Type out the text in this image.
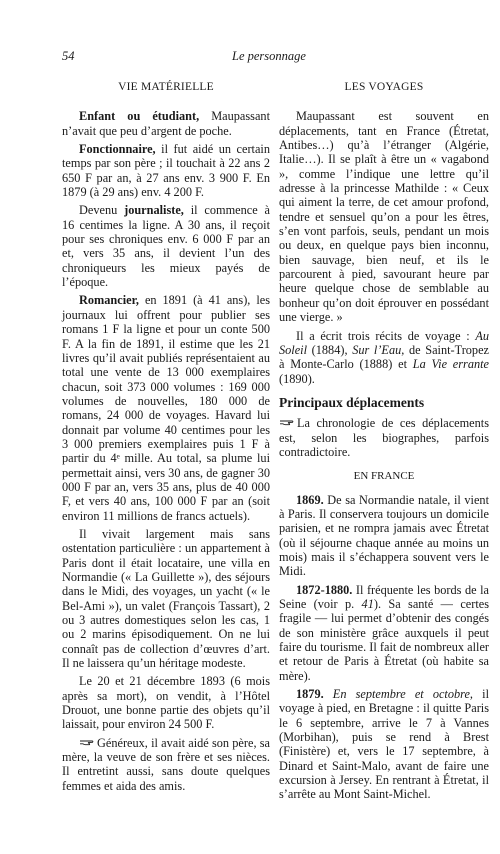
54	Le personnage
VIE MATÉRIELLE

Enfant ou étudiant, Maupassant n’avait que peu d’argent de poche.

Fonctionnaire, il fut aidé un certain temps par son père ; il touchait à 22 ans 2 650 F par an, à 27 ans env. 3 900 F. En 1879 (à 29 ans) env. 4 200 F.

Devenu journaliste, il commence à 16 centimes la ligne. A 30 ans, il reçoit pour ses chroniques env. 6 000 F par an et, vers 35 ans, il devient l’un des chroniqueurs les mieux payés de l’époque.

Romancier, en 1891 (à 41 ans), les journaux lui offrent pour publier ses romans 1 F la ligne et pour un conte 500 F. A la fin de 1891, il estime que les 21 livres qu’il avait publiés représentaient au total une vente de 13 000 exemplaires chacun, soit 373 000 volumes : 169 000 volumes de nouvelles, 180 000 de romans, 24 000 de voyages. Havard lui donnait par volume 40 centimes pour les 3 000 premiers exemplaires puis 1 F à partir du 4ᵉ mille. Au total, sa plume lui permettait ainsi, vers 30 ans, de gagner 30 000 F par an, vers 35 ans, plus de 40 000 F, et vers 40 ans, 100 000 F par an (soit environ 11 millions de francs actuels).

Il vivait largement mais sans ostentation particulière : un appartement à Paris dont il était locataire, une villa en Normandie (« La Guillette »), des séjours dans le Midi, des voyages, un yacht (« le Bel-Ami »), un valet (François Tassart), 2 ou 3 autres domestiques selon les cas, 1 ou 2 marins épisodiquement. On ne lui connaît pas de collection d’œuvres d’art. Il ne laissera qu’un héritage modeste.

Le 20 et 21 décembre 1893 (6 mois après sa mort), on vendit, à l’Hôtel Drouot, une bonne partie des objets qu’il laissait, pour environ 24 500 F.

Généreux, il avait aidé son père, sa mère, la veuve de son frère et ses nièces. Il entretint aussi, sans doute quelques femmes et aida des amis.

LES VOYAGES

Maupassant est souvent en déplacements, tant en France (Étretat, Antibes…) qu’à l’étranger (Algérie, Italie…). Il se plaît à être un « vagabond », comme l’indique une lettre qu’il adresse à la princesse Mathilde : « Ceux qui aiment la terre, de cet amour profond, tendre et sensuel qu’on a pour les êtres, s’en vont parfois, seuls, pendant un mois ou deux, en quelque pays bien inconnu, bien sauvage, bien neuf, et ils le parcourent à pied, savourant heure par heure quelque chose de semblable au bonheur qu’on doit éprouver en possédant une vierge. »

Il a écrit trois récits de voyage : Au Soleil (1884), Sur l’Eau, de Saint-Tropez à Monte-Carlo (1888) et La Vie errante (1890).

Principaux déplacements

La chronologie de ces déplacements est, selon les biographes, parfois contradictoire.

EN FRANCE

1869. De sa Normandie natale, il vient à Paris. Il conservera toujours un domicile parisien, et ne rompra jamais avec Étretat (où il séjourne chaque année au moins un mois) mais il s’échappera souvent vers le Midi.

1872-1880. Il fréquente les bords de la Seine (voir p. 41). Sa santé — certes fragile — lui permet d’obtenir des congés de son ministère grâce auxquels il peut faire du tourisme. Il fait de nombreux aller et retour de Paris à Étretat (où habite sa mère).

1879. En septembre et octobre, il voyage à pied, en Bretagne : il quitte Paris le 6 septembre, arrive le 7 à Vannes (Morbihan), puis se rend à Brest (Finistère) et, vers le 17 septembre, à Dinard et Saint-Malo, avant de faire une excursion à Jersey. En rentrant à Étretat, il s’arrête au Mont Saint-Michel.
